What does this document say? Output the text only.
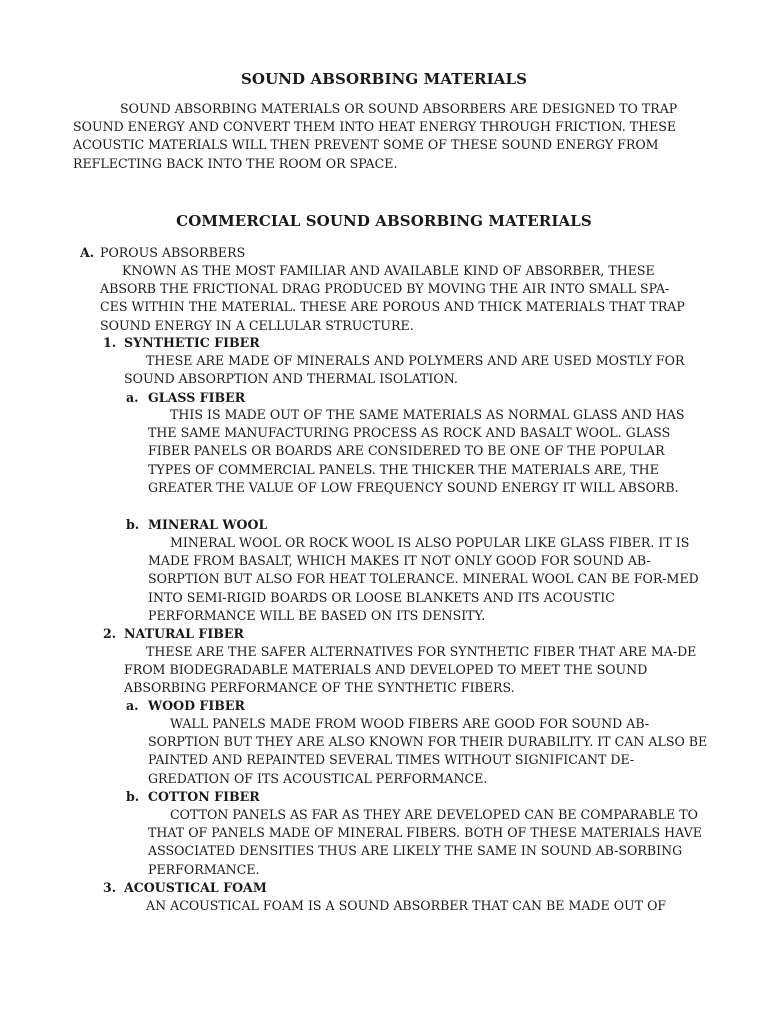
SOUND ABSORBING MATERIALS
SOUND ABSORBING MATERIALS OR SOUND ABSORBERS ARE DESIGNED TO TRAP SOUND ENERGY AND CONVERT THEM INTO HEAT ENERGY THROUGH FRICTION. THESE ACOUSTIC MATERIALS WILL THEN PREVENT SOME OF THESE SOUND ENERGY FROM REFLECTING BACK INTO THE ROOM OR SPACE.
COMMERCIAL SOUND ABSORBING MATERIALS
A. POROUS ABSORBERS
KNOWN AS THE MOST FAMILIAR AND AVAILABLE KIND OF ABSORBER, THESE ABSORB THE FRICTIONAL DRAG PRODUCED BY MOVING THE AIR INTO SMALL SPA-CES WITHIN THE MATERIAL. THESE ARE POROUS AND THICK MATERIALS THAT TRAP SOUND ENERGY IN A CELLULAR STRUCTURE.
1. SYNTHETIC FIBER
THESE ARE MADE OF MINERALS AND POLYMERS AND ARE USED MOSTLY FOR SOUND ABSORPTION AND THERMAL ISOLATION.
a. GLASS FIBER
THIS IS MADE OUT OF THE SAME MATERIALS AS NORMAL GLASS AND HAS THE SAME MANUFACTURING PROCESS AS ROCK AND BASALT WOOL. GLASS FIBER PANELS OR BOARDS ARE CONSIDERED TO BE ONE OF THE POPULAR TYPES OF COMMERCIAL PANELS. THE THICKER THE MATERIALS ARE, THE GREATER THE VALUE OF LOW FREQUENCY SOUND ENERGY IT WILL ABSORB.
b. MINERAL WOOL
MINERAL WOOL OR ROCK WOOL IS ALSO POPULAR LIKE GLASS FIBER. IT IS MADE FROM BASALT, WHICH MAKES IT NOT ONLY GOOD FOR SOUND AB-SORPTION BUT ALSO FOR HEAT TOLERANCE. MINERAL WOOL CAN BE FOR-MED INTO SEMI-RIGID BOARDS OR LOOSE BLANKETS AND ITS ACOUSTIC PERFORMANCE WILL BE BASED ON ITS DENSITY.
2. NATURAL FIBER
THESE ARE THE SAFER ALTERNATIVES FOR SYNTHETIC FIBER THAT ARE MA-DE FROM BIODEGRADABLE MATERIALS AND DEVELOPED TO MEET THE SOUND ABSORBING PERFORMANCE OF THE SYNTHETIC FIBERS.
a. WOOD FIBER
WALL PANELS MADE FROM WOOD FIBERS ARE GOOD FOR SOUND AB-SORPTION BUT THEY ARE ALSO KNOWN FOR THEIR DURABILITY. IT CAN ALSO BE PAINTED AND REPAINTED SEVERAL TIMES WITHOUT SIGNIFICANT DE-GREDATION OF ITS ACOUSTICAL PERFORMANCE.
b. COTTON FIBER
COTTON PANELS AS FAR AS THEY ARE DEVELOPED CAN BE COMPARABLE TO THAT OF PANELS MADE OF MINERAL FIBERS. BOTH OF THESE MATERIALS HAVE ASSOCIATED DENSITIES THUS ARE LIKELY THE SAME IN SOUND AB-SORBING PERFORMANCE.
3. ACOUSTICAL FOAM
AN ACOUSTICAL FOAM IS A SOUND ABSORBER THAT CAN BE MADE OUT OF
